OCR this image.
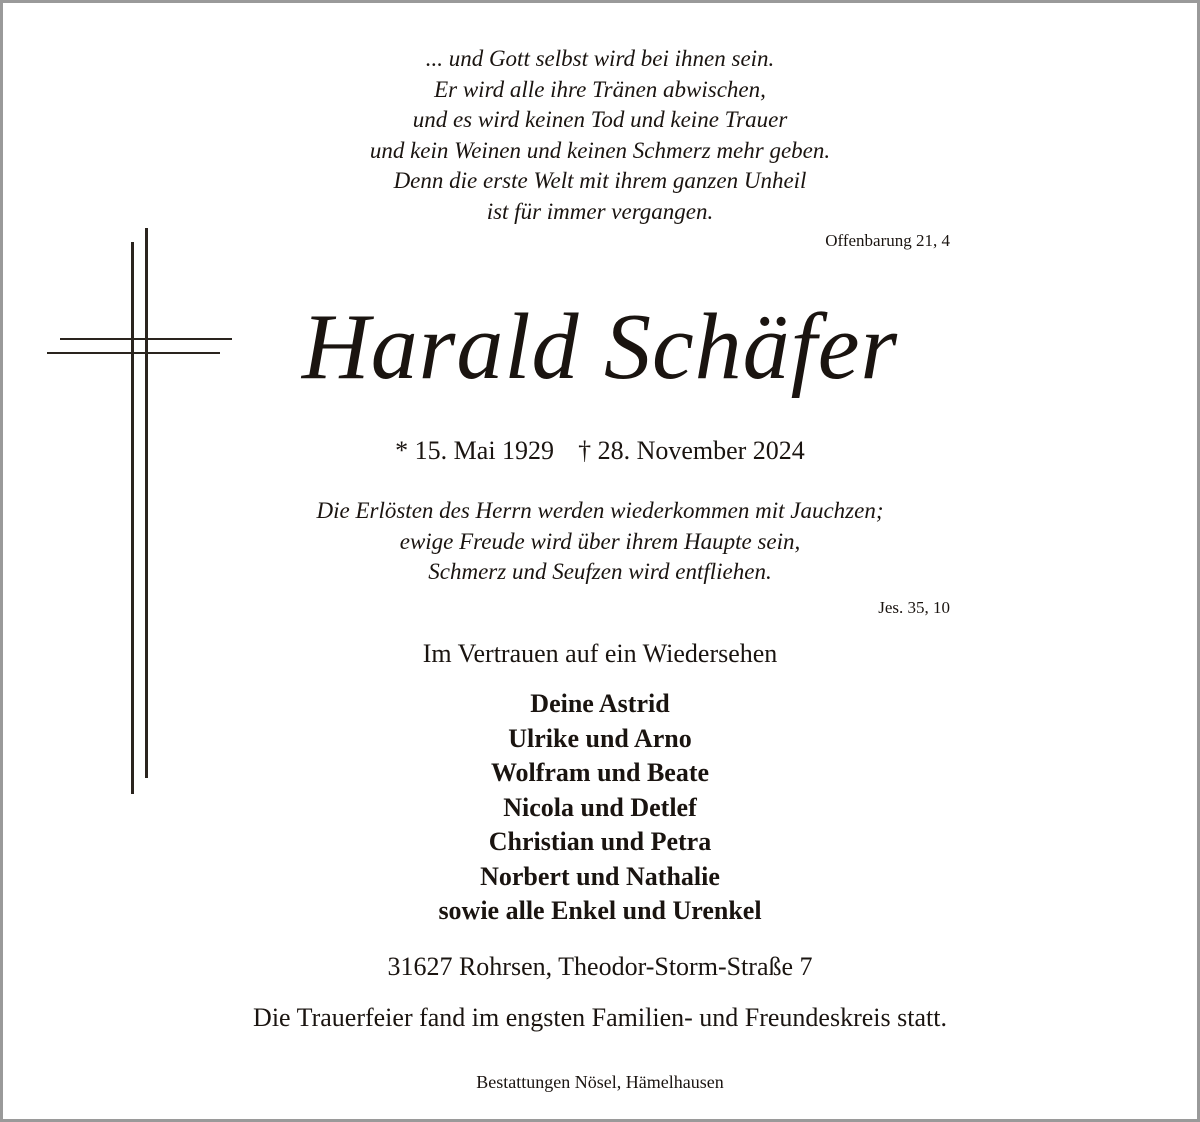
... und Gott selbst wird bei ihnen sein.
Er wird alle ihre Tränen abwischen,
und es wird keinen Tod und keine Trauer
und kein Weinen und keinen Schmerz mehr geben.
Denn die erste Welt mit ihrem ganzen Unheil
ist für immer vergangen.
Offenbarung 21, 4
Harald Schäfer
* 15. Mai 1929 † 28. November 2024
Die Erlösten des Herrn werden wiederkommen mit Jauchzen;
ewige Freude wird über ihrem Haupte sein,
Schmerz und Seufzen wird entfliehen.
Jes. 35, 10
Im Vertrauen auf ein Wiedersehen
Deine Astrid
Ulrike und Arno
Wolfram und Beate
Nicola und Detlef
Christian und Petra
Norbert und Nathalie
sowie alle Enkel und Urenkel
31627 Rohrsen, Theodor-Storm-Straße 7
Die Trauerfeier fand im engsten Familien- und Freundeskreis statt.
Bestattungen Nösel, Hämelhausen
